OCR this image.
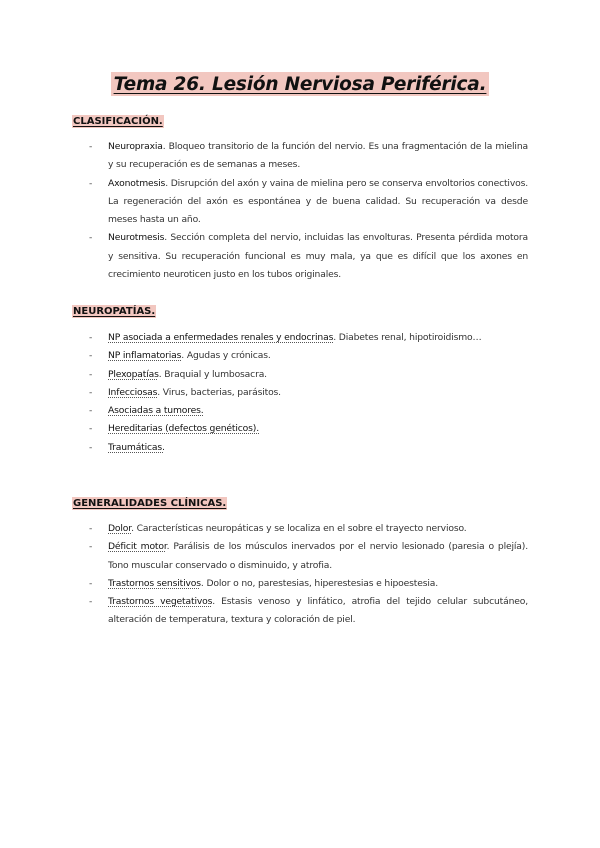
Tema 26. Lesión Nerviosa Periférica.
CLASIFICACIÓN.
- Neuropraxia. Bloqueo transitorio de la función del nervio. Es una fragmentación de la mielina y su recuperación es de semanas a meses.
- Axonotmesis. Disrupción del axón y vaina de mielina pero se conserva envoltorios conectivos. La regeneración del axón es espontánea y de buena calidad. Su recuperación va desde meses hasta un año.
- Neurotmesis. Sección completa del nervio, incluidas las envolturas. Presenta pérdida motora y sensitiva. Su recuperación funcional es muy mala, ya que es difícil que los axones en crecimiento neuroticen justo en los tubos originales.
NEUROPATÍAS.
- NP asociada a enfermedades renales y endocrinas. Diabetes renal, hipotiroidismo…
- NP inflamatorias. Agudas y crónicas.
- Plexopatías. Braquial y lumbosacra.
- Infecciosas. Virus, bacterias, parásitos.
- Asociadas a tumores.
- Hereditarias (defectos genéticos).
- Traumáticas.
GENERALIDADES CLÍNICAS.
- Dolor. Características neuropáticas y se localiza en el sobre el trayecto nervioso.
- Déficit motor. Parálisis de los músculos inervados por el nervio lesionado (paresia o plejía). Tono muscular conservado o disminuido, y atrofia.
- Trastornos sensitivos. Dolor o no, parestesias, hiperestesias e hipoestesia.
- Trastornos vegetativos. Estasis venoso y linfático, atrofia del tejido celular subcutáneo, alteración de temperatura, textura y coloración de piel.
